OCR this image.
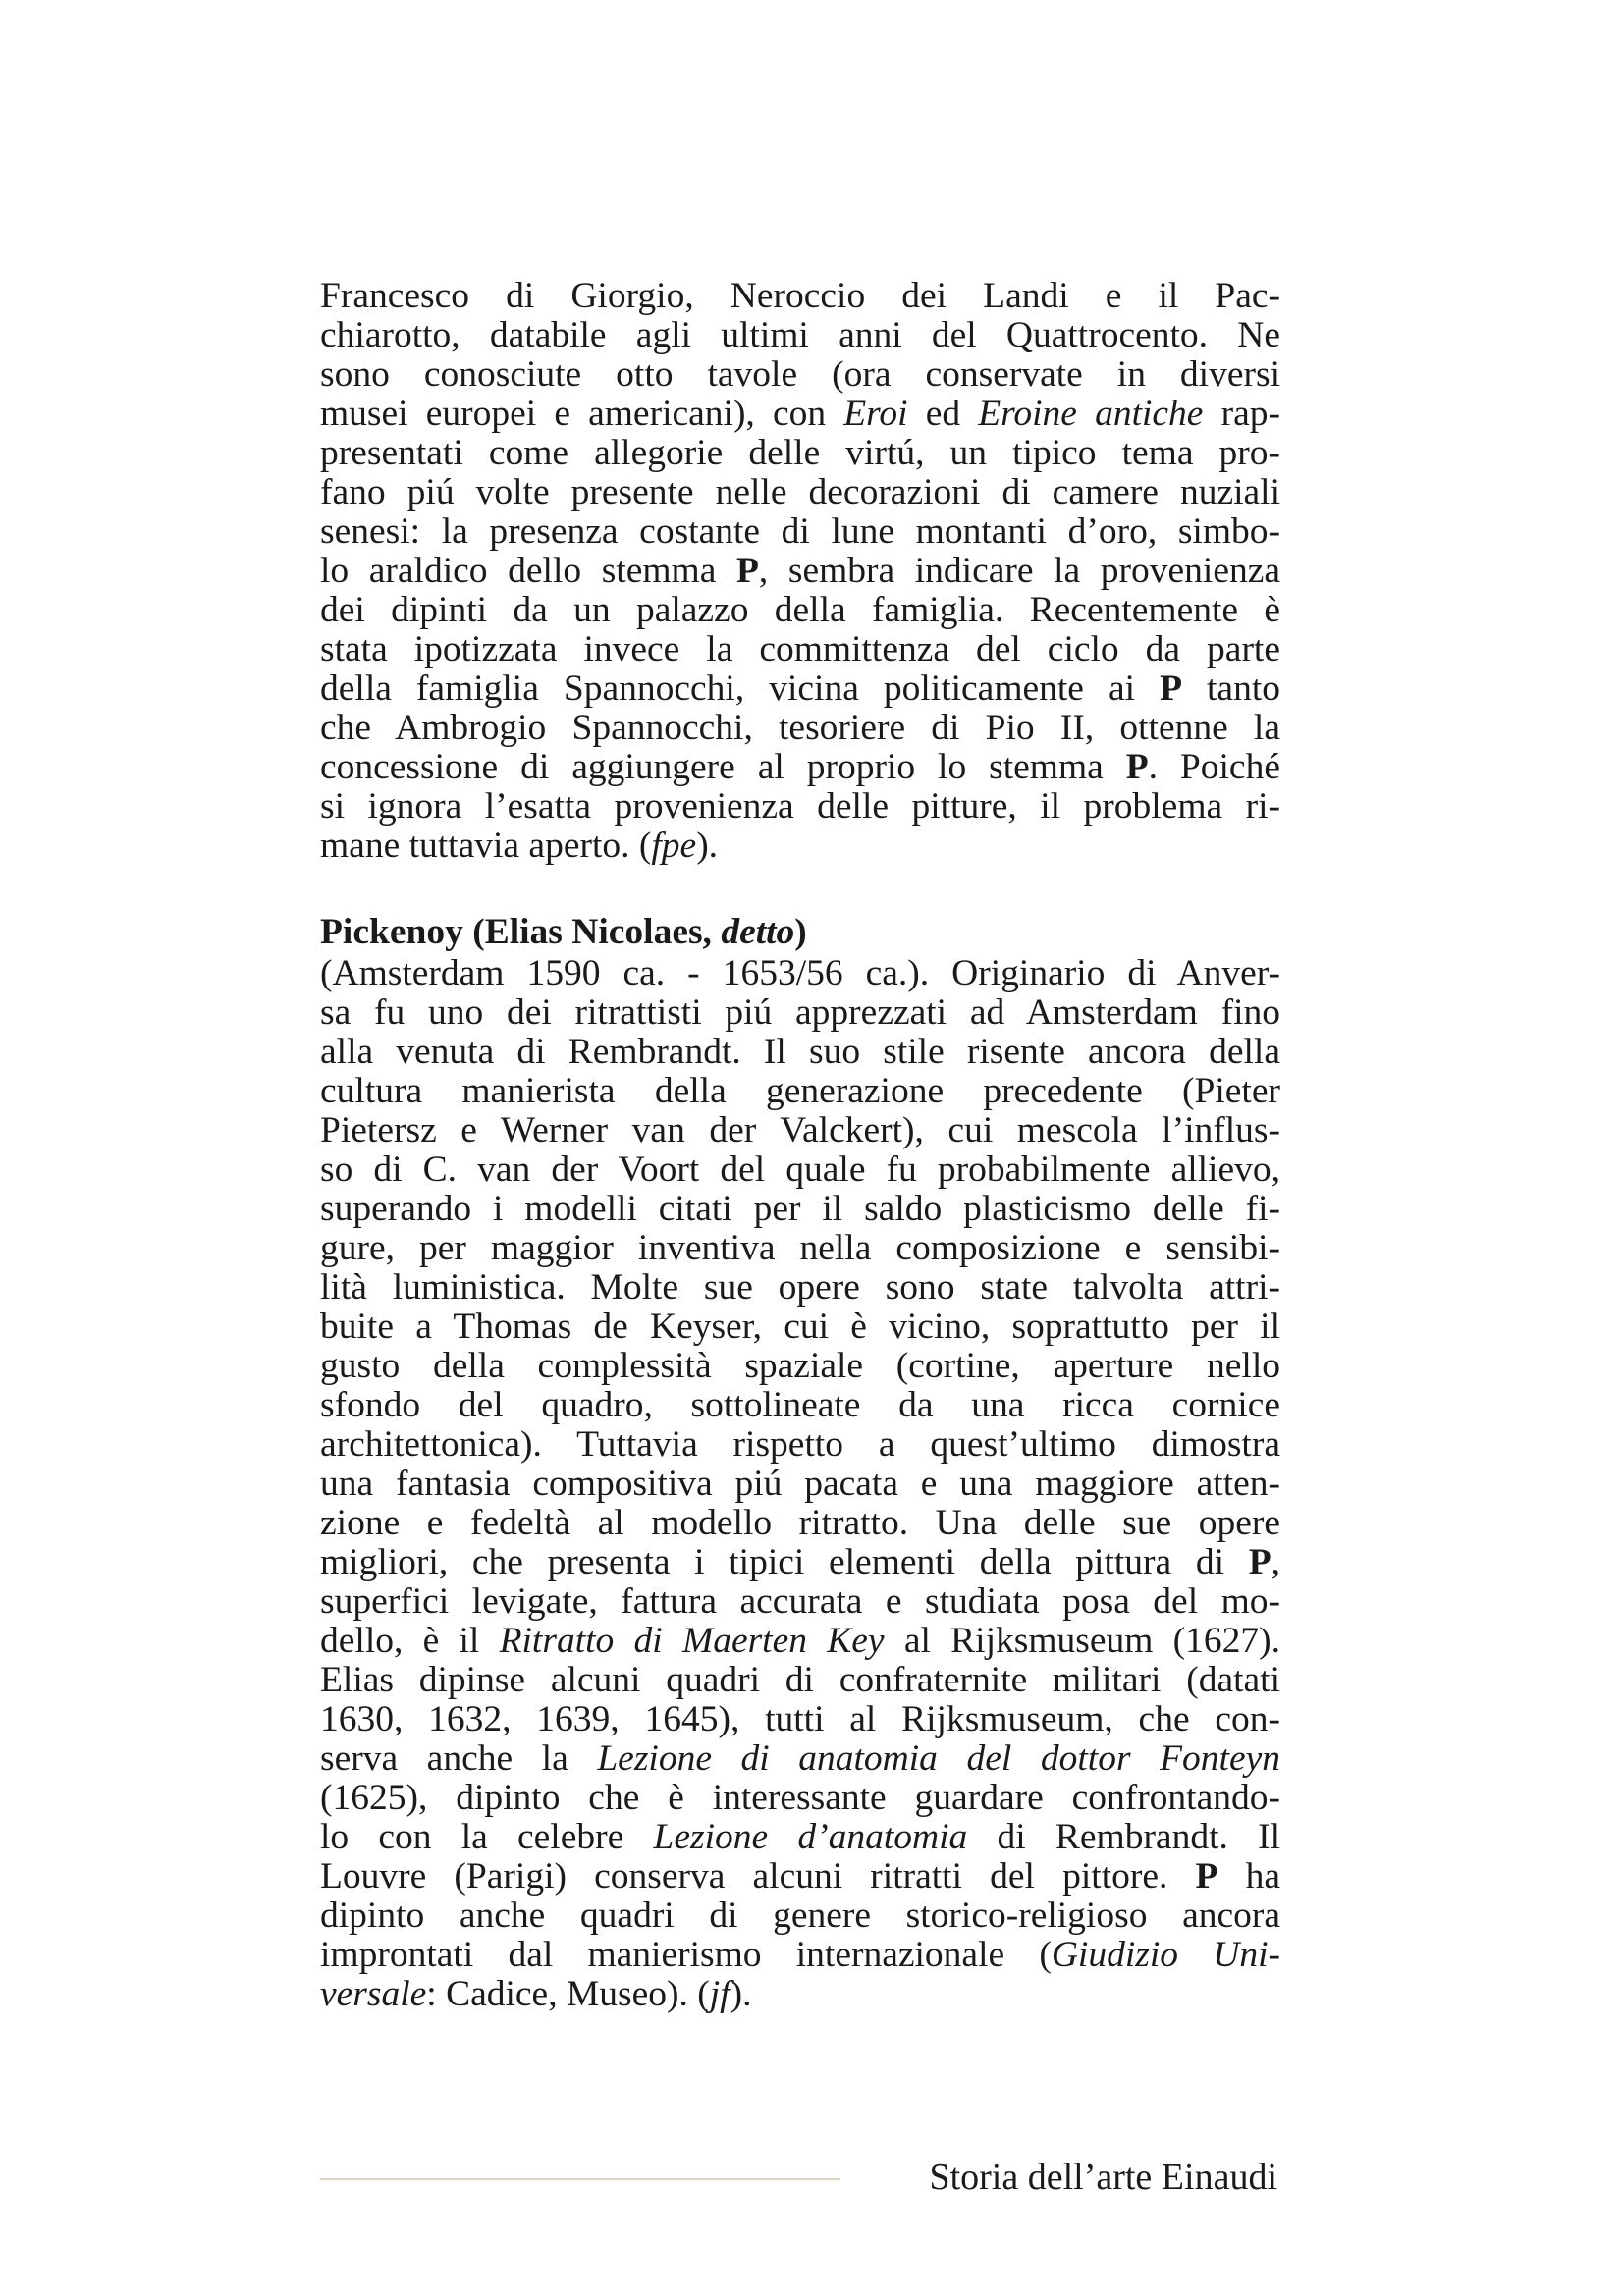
Francesco di Giorgio, Neroccio dei Landi e il Pac-
chiarotto, databile agli ultimi anni del Quattrocento. Ne
sono conosciute otto tavole (ora conservate in diversi
musei europei e americani), con Eroi ed Eroine antiche rap-
presentati come allegorie delle virtú, un tipico tema pro-
fano piú volte presente nelle decorazioni di camere nuziali
senesi: la presenza costante di lune montanti d’oro, simbo-
lo araldico dello stemma P, sembra indicare la provenienza
dei dipinti da un palazzo della famiglia. Recentemente è
stata ipotizzata invece la committenza del ciclo da parte
della famiglia Spannocchi, vicina politicamente ai P tanto
che Ambrogio Spannocchi, tesoriere di Pio II, ottenne la
concessione di aggiungere al proprio lo stemma P. Poiché
si ignora l’esatta provenienza delle pitture, il problema ri-
mane tuttavia aperto. (fpe).
Pickenoy (Elias Nicolaes, detto)
(Amsterdam 1590 ca. - 1653/56 ca.). Originario di Anver-
sa fu uno dei ritrattisti piú apprezzati ad Amsterdam fino
alla venuta di Rembrandt. Il suo stile risente ancora della
cultura manierista della generazione precedente (Pieter
Pietersz e Werner van der Valckert), cui mescola l’influs-
so di C. van der Voort del quale fu probabilmente allievo,
superando i modelli citati per il saldo plasticismo delle fi-
gure, per maggior inventiva nella composizione e sensibi-
lità luministica. Molte sue opere sono state talvolta attri-
buite a Thomas de Keyser, cui è vicino, soprattutto per il
gusto della complessità spaziale (cortine, aperture nello
sfondo del quadro, sottolineate da una ricca cornice
architettonica). Tuttavia rispetto a quest’ultimo dimostra
una fantasia compositiva piú pacata e una maggiore atten-
zione e fedeltà al modello ritratto. Una delle sue opere
migliori, che presenta i tipici elementi della pittura di P,
superfici levigate, fattura accurata e studiata posa del mo-
dello, è il Ritratto di Maerten Key al Rijksmuseum (1627).
Elias dipinse alcuni quadri di confraternite militari (datati
1630, 1632, 1639, 1645), tutti al Rijksmuseum, che con-
serva anche la Lezione di anatomia del dottor Fonteyn
(1625), dipinto che è interessante guardare confrontando-
lo con la celebre Lezione d’anatomia di Rembrandt. Il
Louvre (Parigi) conserva alcuni ritratti del pittore. P ha
dipinto anche quadri di genere storico-religioso ancora
improntati dal manierismo internazionale (Giudizio Uni-
versale: Cadice, Museo). (jf).
Storia dell’arte Einaudi
